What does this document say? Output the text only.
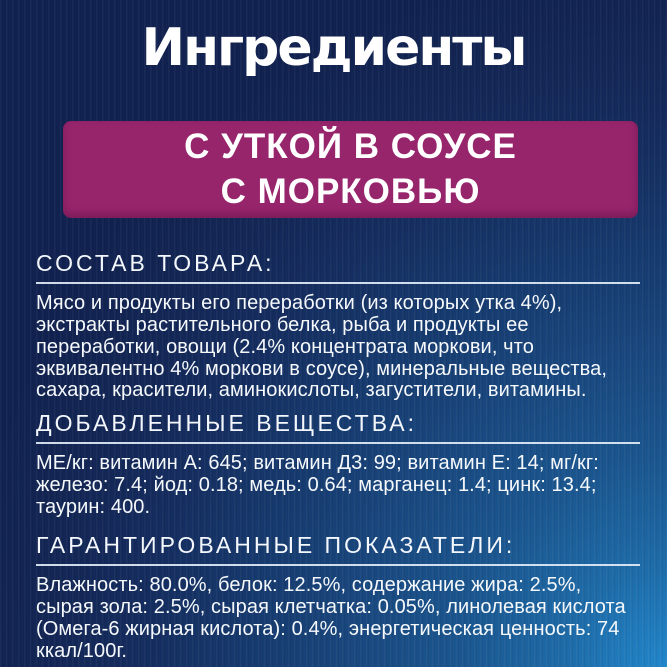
Ингредиенты
С УТКОЙ В СОУСЕ
С МОРКОВЬЮ
СОСТАВ ТОВАРА:

Мясо и продукты его переработки (из которых утка 4%), экстракты растительного белка, рыба и продукты ее переработки, овощи (2.4% концентрата моркови, что эквивалентно 4% моркови в соусе), минеральные вещества, сахара, красители, аминокислоты, загустители, витамины.

ДОБАВЛЕННЫЕ ВЕЩЕСТВА:

МЕ/кг: витамин А: 645; витамин Д3: 99; витамин Е: 14; мг/кг: железо: 7.4; йод: 0.18; медь: 0.64; марганец: 1.4; цинк: 13.4; таурин: 400.

ГАРАНТИРОВАННЫЕ ПОКАЗАТЕЛИ:

Влажность: 80.0%, белок: 12.5%, содержание жира: 2.5%, сырая зола: 2.5%, сырая клетчатка: 0.05%, линолевая кислота (Омега-6 жирная кислота): 0.4%, энергетическая ценность: 74 ккал/100г.
